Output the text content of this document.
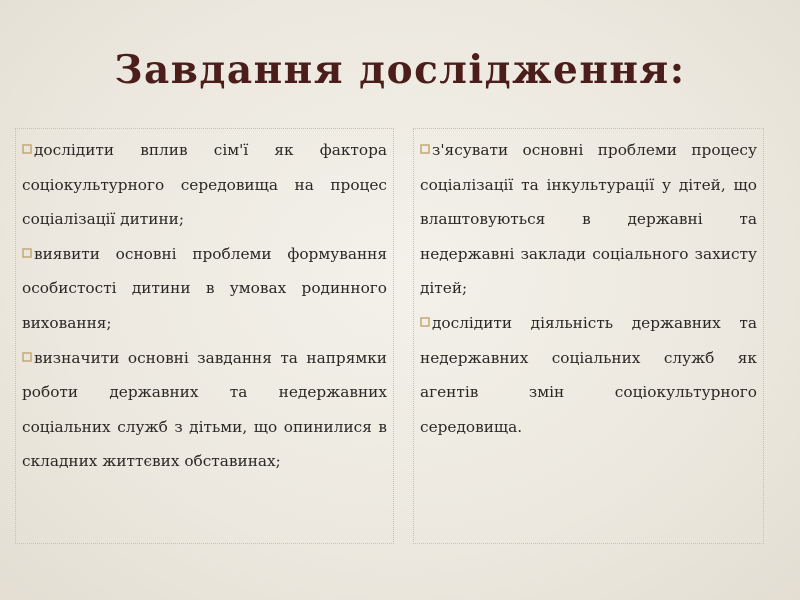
Завдання дослідження:

дослідити вплив сім'ї як фактора соціокультурного середовища на процес соціалізації дитини;

виявити основні проблеми формування особистості дитини в умовах родинного виховання;

визначити основні завдання та напрямки роботи державних та недержавних соціальних служб з дітьми, що опинилися в складних життєвих обставинах;

з'ясувати основні проблеми процесу соціалізації та інкультурації у дітей, що влаштовуються в державні та недержавні заклади соціального захисту дітей;

дослідити діяльність державних та недержавних соціальних служб як агентів змін соціокультурного середовища.
